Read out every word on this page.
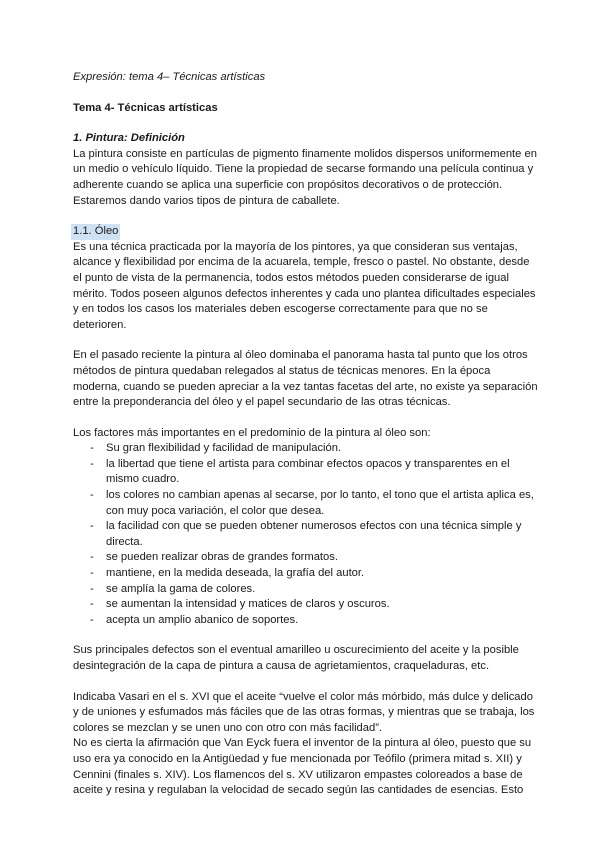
Expresión: tema 4– Técnicas artísticas
Tema 4- Técnicas artísticas
1. Pintura: Definición

La pintura consiste en partículas de pigmento finamente molidos dispersos uniformemente en un medio o vehículo líquido. Tiene la propiedad de secarse formando una película continua y adherente cuando se aplica una superficie con propósitos decorativos o de protección.

Estaremos dando varios tipos de pintura de caballete.

1.1. Óleo

Es una técnica practicada por la mayoría de los pintores, ya que consideran sus ventajas, alcance y flexibilidad por encima de la acuarela, temple, fresco o pastel. No obstante, desde el punto de vista de la permanencia, todos estos métodos pueden considerarse de igual mérito. Todos poseen algunos defectos inherentes y cada uno plantea dificultades especiales y en todos los casos los materiales deben escogerse correctamente para que no se deterioren.

En el pasado reciente la pintura al óleo dominaba el panorama hasta tal punto que los otros métodos de pintura quedaban relegados al status de técnicas menores. En la época moderna, cuando se pueden apreciar a la vez tantas facetas del arte, no existe ya separación entre la preponderancia del óleo y el papel secundario de las otras técnicas.

Los factores más importantes en el predominio de la pintura al óleo son:

- Su gran flexibilidad y facilidad de manipulación.
- la libertad que tiene el artista para combinar efectos opacos y transparentes en el mismo cuadro.
- los colores no cambian apenas al secarse, por lo tanto, el tono que el artista aplica es, con muy poca variación, el color que desea.
- la facilidad con que se pueden obtener numerosos efectos con una técnica simple y directa.
- se pueden realizar obras de grandes formatos.
- mantiene, en la medida deseada, la grafía del autor.
- se amplía la gama de colores.
- se aumentan la intensidad y matices de claros y oscuros.
- acepta un amplio abanico de soportes.

Sus principales defectos son el eventual amarilleo u oscurecimiento del aceite y la posible desintegración de la capa de pintura a causa de agrietamientos, craqueladuras, etc.

Indicaba Vasari en el s. XVI que el aceite “vuelve el color más mórbido, más dulce y delicado y de uniones y esfumados más fáciles que de las otras formas, y mientras que se trabaja, los colores se mezclan y se unen uno con otro con más facilidad”.

No es cierta la afirmación que Van Eyck fuera el inventor de la pintura al óleo, puesto que su uso era ya conocido en la Antigüedad y fue mencionada por Teófilo (primera mitad s. XII) y Cennini (finales s. XIV). Los flamencos del s. XV utilizaron empastes coloreados a base de aceite y resina y regulaban la velocidad de secado según las cantidades de esencias. Esto
